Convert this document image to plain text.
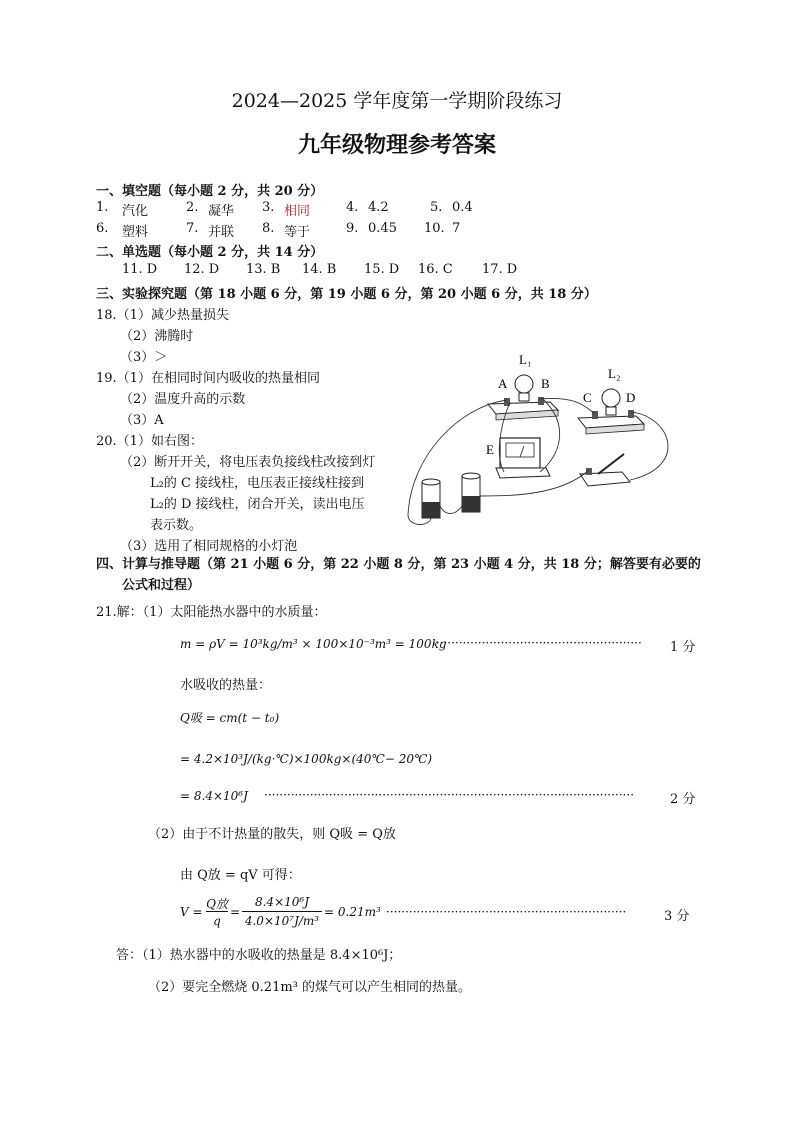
2024—2025 学年度第一学期阶段练习
九年级物理参考答案
一、填空题（每小题 2 分，共 20 分）
1. 汽化	2. 凝华 3. 相同	4. 4.2	5. 0.4
6. 塑料	7. 并联 8. 等于	9. 0.45 10. 7
二、单选题（每小题 2 分，共 14 分）
11. D 12. D 13. B 14. B 15. D 16. C 17. D
三、实验探究题（第 18 小题 6 分，第 19 小题 6 分，第 20 小题 6 分，共 18 分）
18.（1）减少热量损失
（2）沸腾时
（3）＞
19.（1）在相同时间内吸收的热量相同
（2）温度升高的示数
（3）A
20.（1）如右图：
（2）断开开关，将电压表负接线柱改接到灯
L₂的 C 接线柱，电压表正接线柱接到
L₂的 D 接线柱，闭合开关，读出电压
表示数。
（3）选用了相同规格的小灯泡
L₁
A	B
L₂
C	D
E
四、计算与推导题（第 21 小题 6 分，第 22 小题 8 分，第 23 小题 4 分，共 18 分；解答要有必要的
公式和过程）
21.解：（1）太阳能热水器中的水质量：
m = ρV = 10³kg/m³ × 100×10⁻³m³ = 100kg
······················································· 1 分
水吸收的热量：
Q吸 = cm(t − t₀)
= 4.2×10³J/(kg·℃)×100kg×(40℃− 20℃)
= 8.4×10⁶J ·································································································	2 分
（2）由于不计热量的散失，则 Q吸 = Q放
由 Q放 = qV 可得：
V =
Q放
q
=
8.4×10⁶J
4.0×10⁷J/m³
= 0.21m³ ·······························································	3 分
答：（1）热水器中的水吸收的热量是 8.4×10⁶J；
（2）要完全燃烧 0.21m³ 的煤气可以产生相同的热量。
